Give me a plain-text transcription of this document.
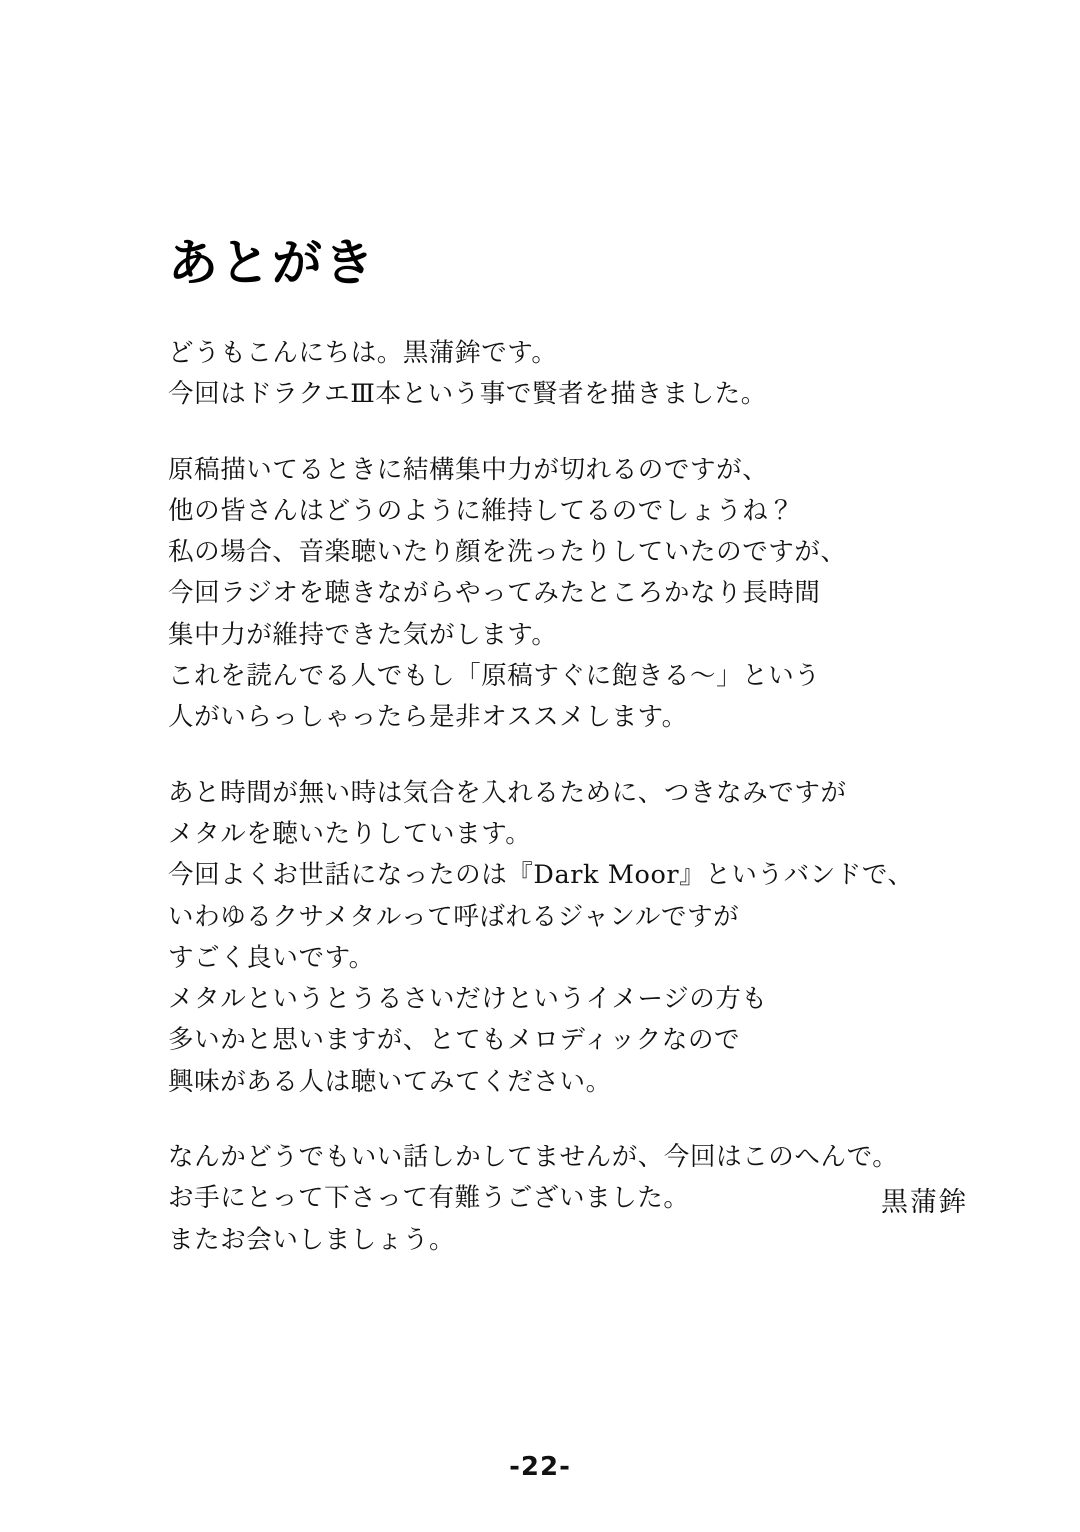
あとがき
どうもこんにちは。黒蒲鉾です。
今回はドラクエⅢ本という事で賢者を描きました。
原稿描いてるときに結構集中力が切れるのですが、
他の皆さんはどうのように維持してるのでしょうね？
私の場合、音楽聴いたり顔を洗ったりしていたのですが、
今回ラジオを聴きながらやってみたところかなり長時間
集中力が維持できた気がします。
これを読んでる人でもし「原稿すぐに飽きる〜」という
人がいらっしゃったら是非オススメします。
あと時間が無い時は気合を入れるために、つきなみですが
メタルを聴いたりしています。
今回よくお世話になったのは『Dark Moor』というバンドで、
いわゆるクサメタルって呼ばれるジャンルですが
すごく良いです。
メタルというとうるさいだけというイメージの方も
多いかと思いますが、とてもメロディックなので
興味がある人は聴いてみてください。
なんかどうでもいい話しかしてませんが、今回はこのへんで。
お手にとって下さって有難うございました。
またお会いしましょう。
黒蒲鉾
-22-
